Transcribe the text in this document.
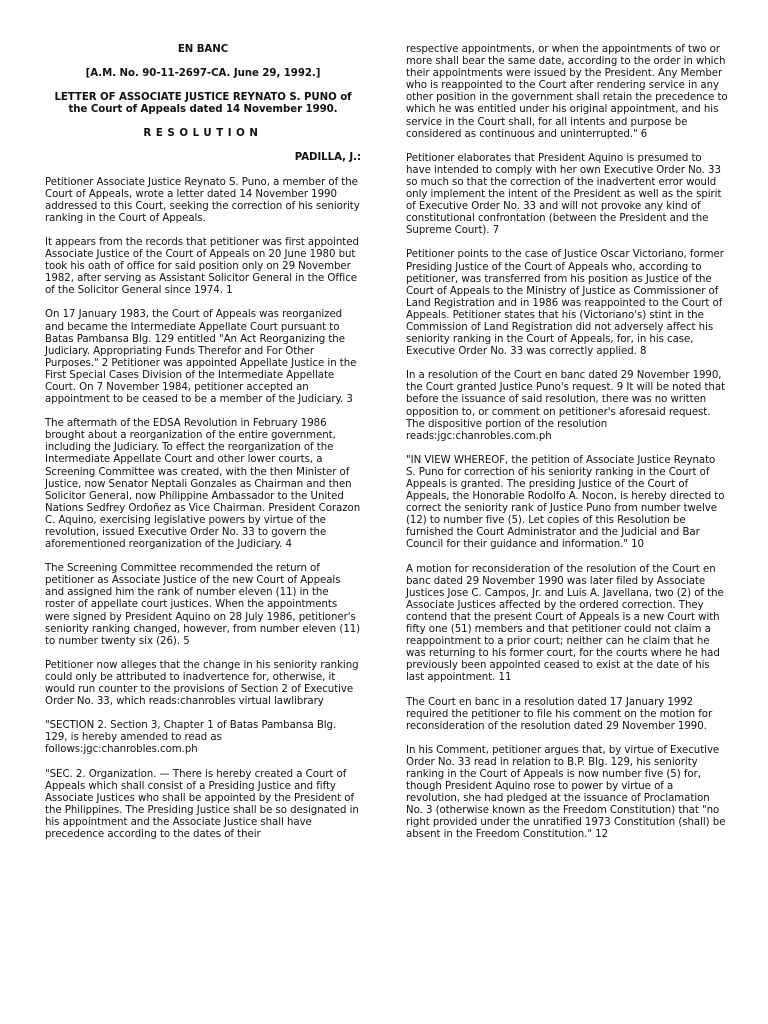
EN BANC

[A.M. No. 90-11-2697-CA. June 29, 1992.]

LETTER OF ASSOCIATE JUSTICE REYNATO S. PUNO of the Court of Appeals dated 14 November 1990.

RESOLUTION

PADILLA, J.:

Petitioner Associate Justice Reynato S. Puno, a member of the Court of Appeals, wrote a letter dated 14 November 1990 addressed to this Court, seeking the correction of his seniority ranking in the Court of Appeals.

It appears from the records that petitioner was first appointed Associate Justice of the Court of Appeals on 20 June 1980 but took his oath of office for said position only on 29 November 1982, after serving as Assistant Solicitor General in the Office of the Solicitor General since 1974. 1

On 17 January 1983, the Court of Appeals was reorganized and became the Intermediate Appellate Court pursuant to Batas Pambansa Blg. 129 entitled "An Act Reorganizing the Judiciary. Appropriating Funds Therefor and For Other Purposes." 2 Petitioner was appointed Appellate Justice in the First Special Cases Division of the Intermediate Appellate Court. On 7 November 1984, petitioner accepted an appointment to be ceased to be a member of the Judiciary. 3

The aftermath of the EDSA Revolution in February 1986 brought about a reorganization of the entire government, including the Judiciary. To effect the reorganization of the Intermediate Appellate Court and other lower courts, a Screening Committee was created, with the then Minister of Justice, now Senator Neptali Gonzales as Chairman and then Solicitor General, now Philippine Ambassador to the United Nations Sedfrey Ordoñez as Vice Chairman. President Corazon C. Aquino, exercising legislative powers by virtue of the revolution, issued Executive Order No. 33 to govern the aforementioned reorganization of the Judiciary. 4

The Screening Committee recommended the return of petitioner as Associate Justice of the new Court of Appeals and assigned him the rank of number eleven (11) in the roster of appellate court justices. When the appointments were signed by President Aquino on 28 July 1986, petitioner's seniority ranking changed, however, from number eleven (11) to number twenty six (26). 5

Petitioner now alleges that the change in his seniority ranking could only be attributed to inadvertence for, otherwise, it would run counter to the provisions of Section 2 of Executive Order No. 33, which reads:chanrobles virtual lawlibrary

"SECTION 2. Section 3, Chapter 1 of Batas Pambansa Blg. 129, is hereby amended to read as follows:jgc:chanrobles.com.ph

"SEC. 2. Organization. — There is hereby created a Court of Appeals which shall consist of a Presiding Justice and fifty Associate Justices who shall be appointed by the President of the Philippines. The Presiding Justice shall be so designated in his appointment and the Associate Justice shall have precedence according to the dates of their

respective appointments, or when the appointments of two or more shall bear the same date, according to the order in which their appointments were issued by the President. Any Member who is reappointed to the Court after rendering service in any other position in the government shall retain the precedence to which he was entitled under his original appointment, and his service in the Court shall, for all intents and purpose be considered as continuous and uninterrupted." 6

Petitioner elaborates that President Aquino is presumed to have intended to comply with her own Executive Order No. 33 so much so that the correction of the inadvertent error would only implement the intent of the President as well as the spirit of Executive Order No. 33 and will not provoke any kind of constitutional confrontation (between the President and the Supreme Court). 7

Petitioner points to the case of Justice Oscar Victoriano, former Presiding Justice of the Court of Appeals who, according to petitioner, was transferred from his position as Justice of the Court of Appeals to the Ministry of Justice as Commissioner of Land Registration and in 1986 was reappointed to the Court of Appeals. Petitioner states that his (Victoriano's) stint in the Commission of Land Registration did not adversely affect his seniority ranking in the Court of Appeals, for, in his case, Executive Order No. 33 was correctly applied. 8

In a resolution of the Court en banc dated 29 November 1990, the Court granted Justice Puno's request. 9 It will be noted that before the issuance of said resolution, there was no written opposition to, or comment on petitioner's aforesaid request. The dispositive portion of the resolution reads:jgc:chanrobles.com.ph

"IN VIEW WHEREOF, the petition of Associate Justice Reynato S. Puno for correction of his seniority ranking in the Court of Appeals is granted. The presiding Justice of the Court of Appeals, the Honorable Rodolfo A. Nocon, is hereby directed to correct the seniority rank of Justice Puno from number twelve (12) to number five (5). Let copies of this Resolution be furnished the Court Administrator and the Judicial and Bar Council for their guidance and information." 10

A motion for reconsideration of the resolution of the Court en banc dated 29 November 1990 was later filed by Associate Justices Jose C. Campos, Jr. and Luis A. Javellana, two (2) of the Associate Justices affected by the ordered correction. They contend that the present Court of Appeals is a new Court with fifty one (51) members and that petitioner could not claim a reappointment to a prior court; neither can he claim that he was returning to his former court, for the courts where he had previously been appointed ceased to exist at the date of his last appointment. 11

The Court en banc in a resolution dated 17 January 1992 required the petitioner to file his comment on the motion for reconsideration of the resolution dated 29 November 1990.

In his Comment, petitioner argues that, by virtue of Executive Order No. 33 read in relation to B.P. Blg. 129, his seniority ranking in the Court of Appeals is now number five (5) for, though President Aquino rose to power by virtue of a revolution, she had pledged at the issuance of Proclamation No. 3 (otherwise known as the Freedom Constitution) that "no right provided under the unratified 1973 Constitution (shall) be absent in the Freedom Constitution." 12
